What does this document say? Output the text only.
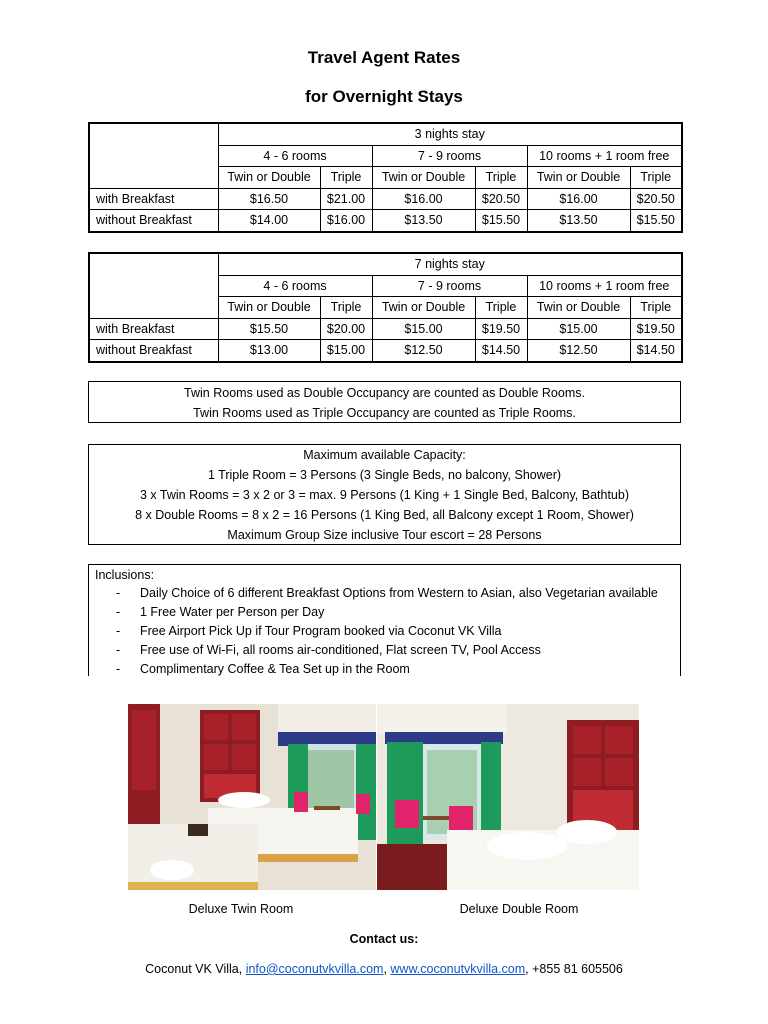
Travel Agent Rates
for Overnight Stays
	3 nights stay					
	4 - 6 rooms		7 - 9 rooms		10 rooms + 1 room free	
	Twin or Double	Triple	Twin or Double	Triple	Twin or Double	Triple
with Breakfast	$16.50	$21.00	$16.00	$20.50	$16.00	$20.50
without Breakfast	$14.00	$16.00	$13.50	$15.50	$13.50	$15.50
	7 nights stay					
	4 - 6 rooms		7 - 9 rooms		10 rooms + 1 room free	
	Twin or Double	Triple	Twin or Double	Triple	Twin or Double	Triple
with Breakfast	$15.50	$20.00	$15.00	$19.50	$15.00	$19.50
without Breakfast	$13.00	$15.00	$12.50	$14.50	$12.50	$14.50
Twin Rooms used as Double Occupancy are counted as Double Rooms.
Twin Rooms used as Triple Occupancy are counted as Triple Rooms.
Maximum available Capacity:
1 Triple Room = 3 Persons (3 Single Beds, no balcony, Shower)
3 x Twin Rooms = 3 x 2 or 3 = max. 9 Persons (1 King + 1 Single Bed, Balcony, Bathtub)
8 x Double Rooms = 8 x 2 = 16 Persons (1 King Bed, all Balcony except 1 Room, Shower)
Maximum Group Size inclusive Tour escort = 28 Persons
Inclusions:
- Daily Choice of 6 different Breakfast Options from Western to Asian, also Vegetarian available
- 1 Free Water per Person per Day
- Free Airport Pick Up if Tour Program booked via Coconut VK Villa
- Free use of Wi-Fi, all rooms air-conditioned, Flat screen TV, Pool Access
- Complimentary Coffee & Tea Set up in the Room
Deluxe Twin Room	Deluxe Double Room
Contact us:
Coconut VK Villa, info@coconutvkvilla.com, www.coconutvkvilla.com, +855 81 605506
